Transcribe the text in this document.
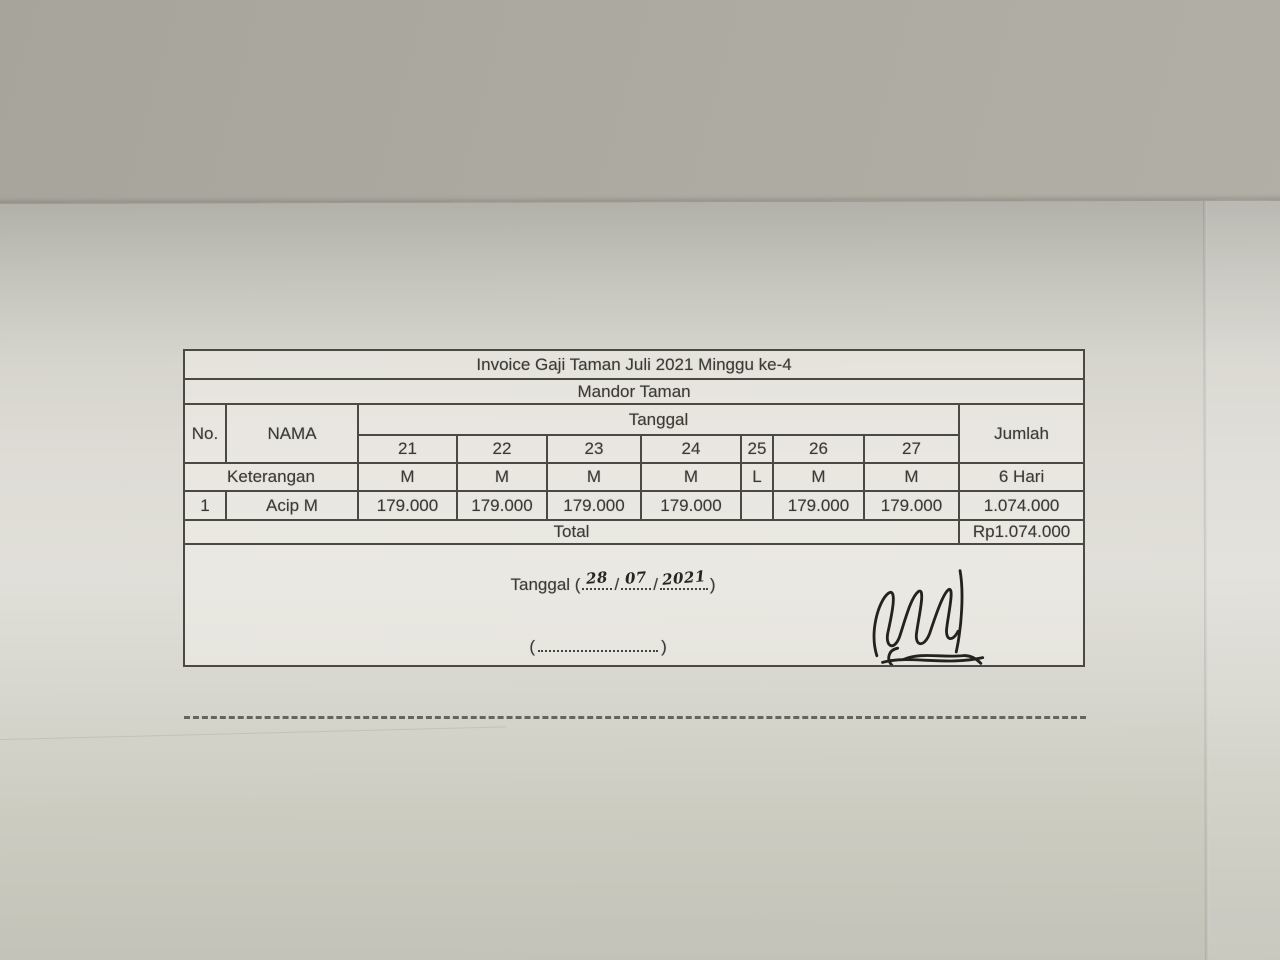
Invoice Gaji Taman Juli 2021 Minggu ke-4									
Mandor Taman									
No.	NAMA	Tanggal							Jumlah
		21	22	23	24	25	26	27	
Keterangan		M	M	M	M	L	M	M	6 Hari
1	Acip M	179.000	179.000	179.000	179.000		179.000	179.000	1.074.000
Total									Rp1.074.000

Tanggal ( 28 / 07 / 2021 )
(	)
